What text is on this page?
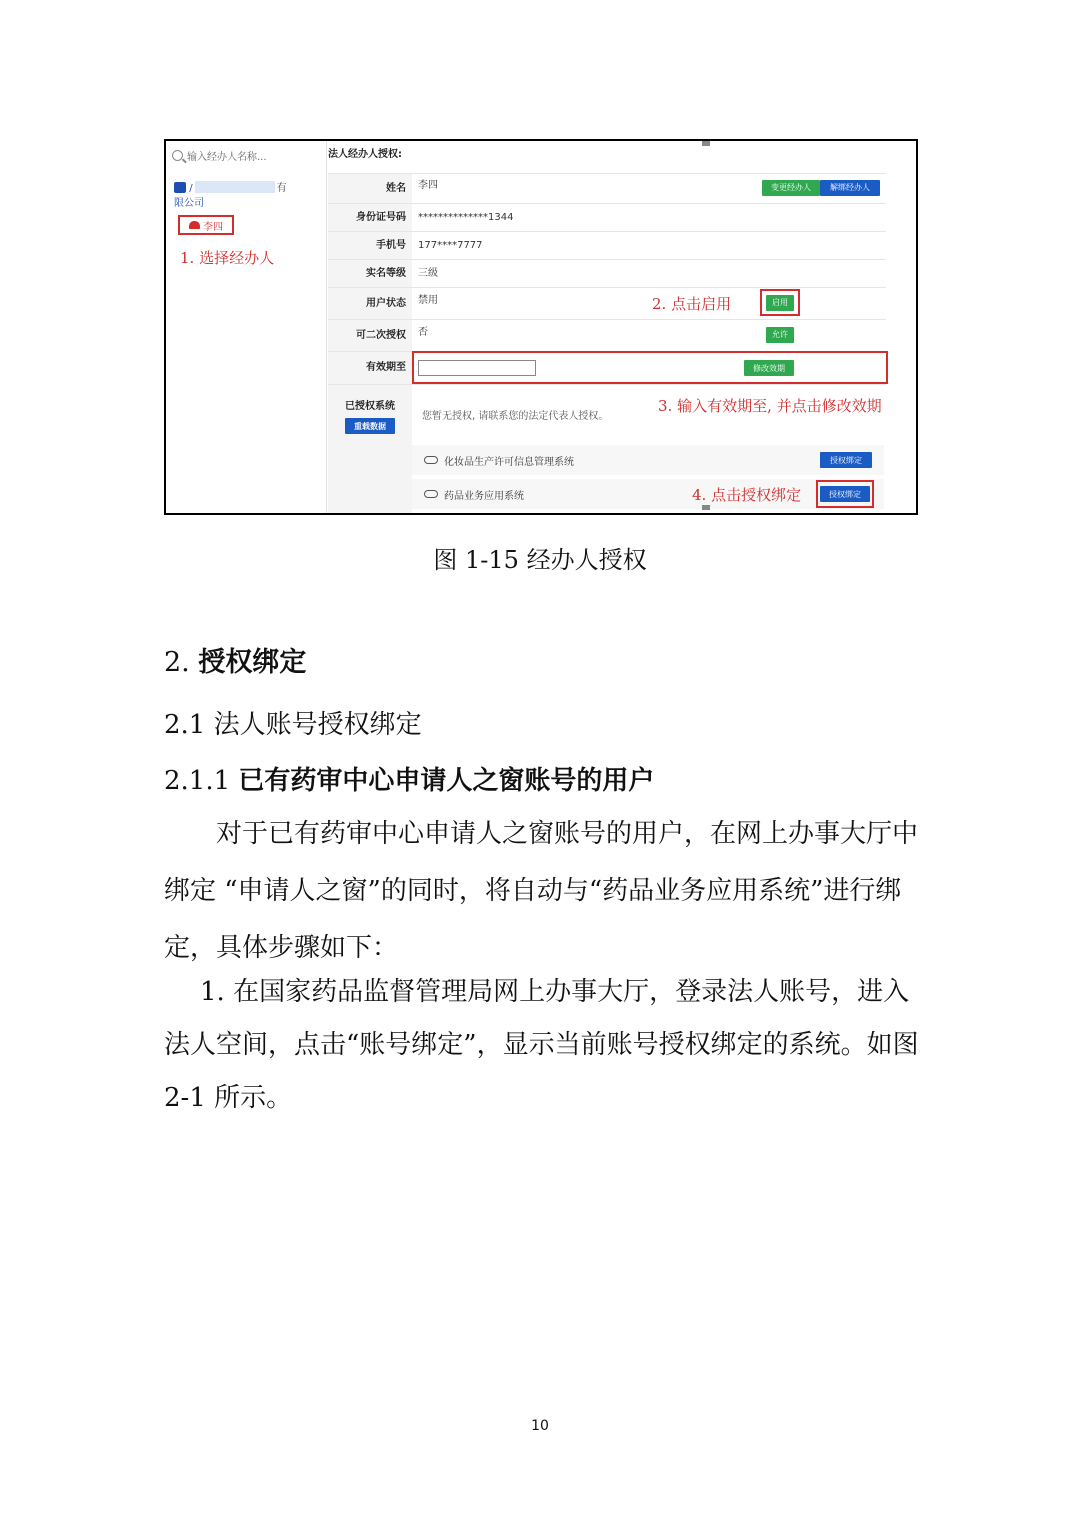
输入经办人名称...
/	有
限公司
李四
1. 选择经办人
法人经办人授权:
姓名	李四	变更经办人	解绑经办人
身份证号码	**************1344
手机号	177****7777
实名等级	三级
用户状态	禁用	2. 点击启用	启用
可二次授权	否	允许
有效期至	修改效期
已授权系统
重载数据
您暂无授权, 请联系您的法定代表人授权。
3. 输入有效期至, 并点击修改效期
化妆品生产许可信息管理系统	授权绑定
药品业务应用系统	4. 点击授权绑定	授权绑定
图 1-15 经办人授权
2. 授权绑定
2.1 法人账号授权绑定
2.1.1 已有药审中心申请人之窗账号的用户
对于已有药审中心申请人之窗账号的用户，在网上办事大厅中绑定 “申请人之窗”的同时，将自动与“药品业务应用系统”进行绑定，具体步骤如下：
1. 在国家药品监督管理局网上办事大厅，登录法人账号，进入法人空间，点击“账号绑定”，显示当前账号授权绑定的系统。如图 2-1 所示。
10
